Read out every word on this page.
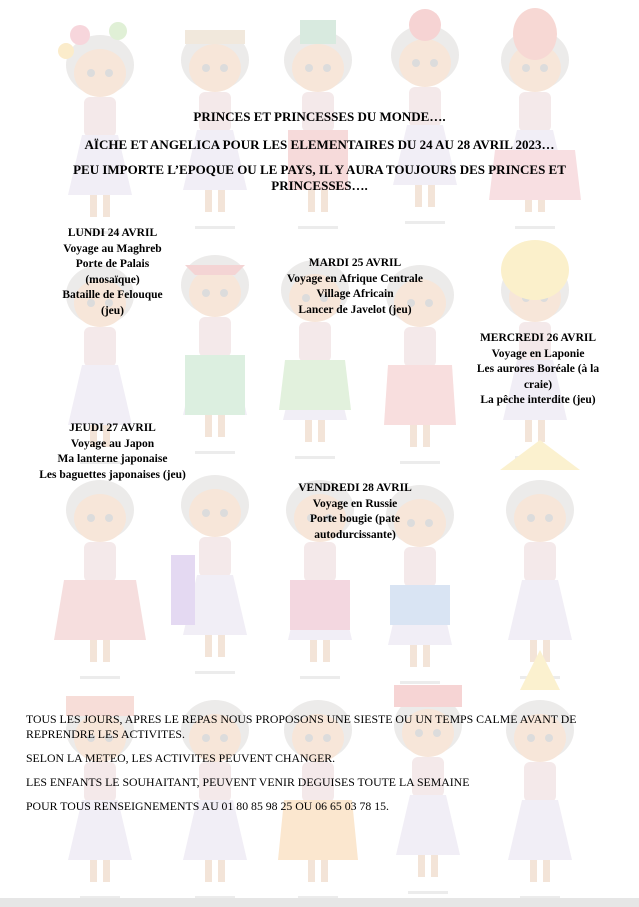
PRINCES ET PRINCESSES DU MONDE….
AÏCHE ET ANGELICA POUR LES ELEMENTAIRES DU 24 AU 28 AVRIL 2023…
PEU IMPORTE L’EPOQUE OU LE PAYS, IL Y AURA TOUJOURS DES PRINCES ET
PRINCESSES….
LUNDI 24 AVRIL
Voyage au Maghreb
Porte de Palais
(mosaïque)
Bataille de Felouque
(jeu)
MARDI 25 AVRIL
Voyage en Afrique Centrale
Village Africain
Lancer de Javelot (jeu)
MERCREDI 26 AVRIL
Voyage en Laponie
Les aurores Boréale (à la
craie)
La pêche interdite (jeu)
JEUDI 27 AVRIL
Voyage au Japon
Ma lanterne japonaise
Les baguettes japonaises (jeu)
VENDREDI 28 AVRIL
Voyage en Russie
Porte bougie (pate
autodurcissante)
TOUS LES JOURS, APRES LE REPAS NOUS PROPOSONS UNE SIESTE OU UN TEMPS CALME AVANT DE
REPRENDRE LES ACTIVITES.
SELON LA METEO, LES ACTIVITES PEUVENT CHANGER.
LES ENFANTS LE SOUHAITANT, PEUVENT VENIR DEGUISES TOUTE LA SEMAINE
POUR TOUS RENSEIGNEMENTS AU 01 80 85 98 25 OU 06 65 03 78 15.
